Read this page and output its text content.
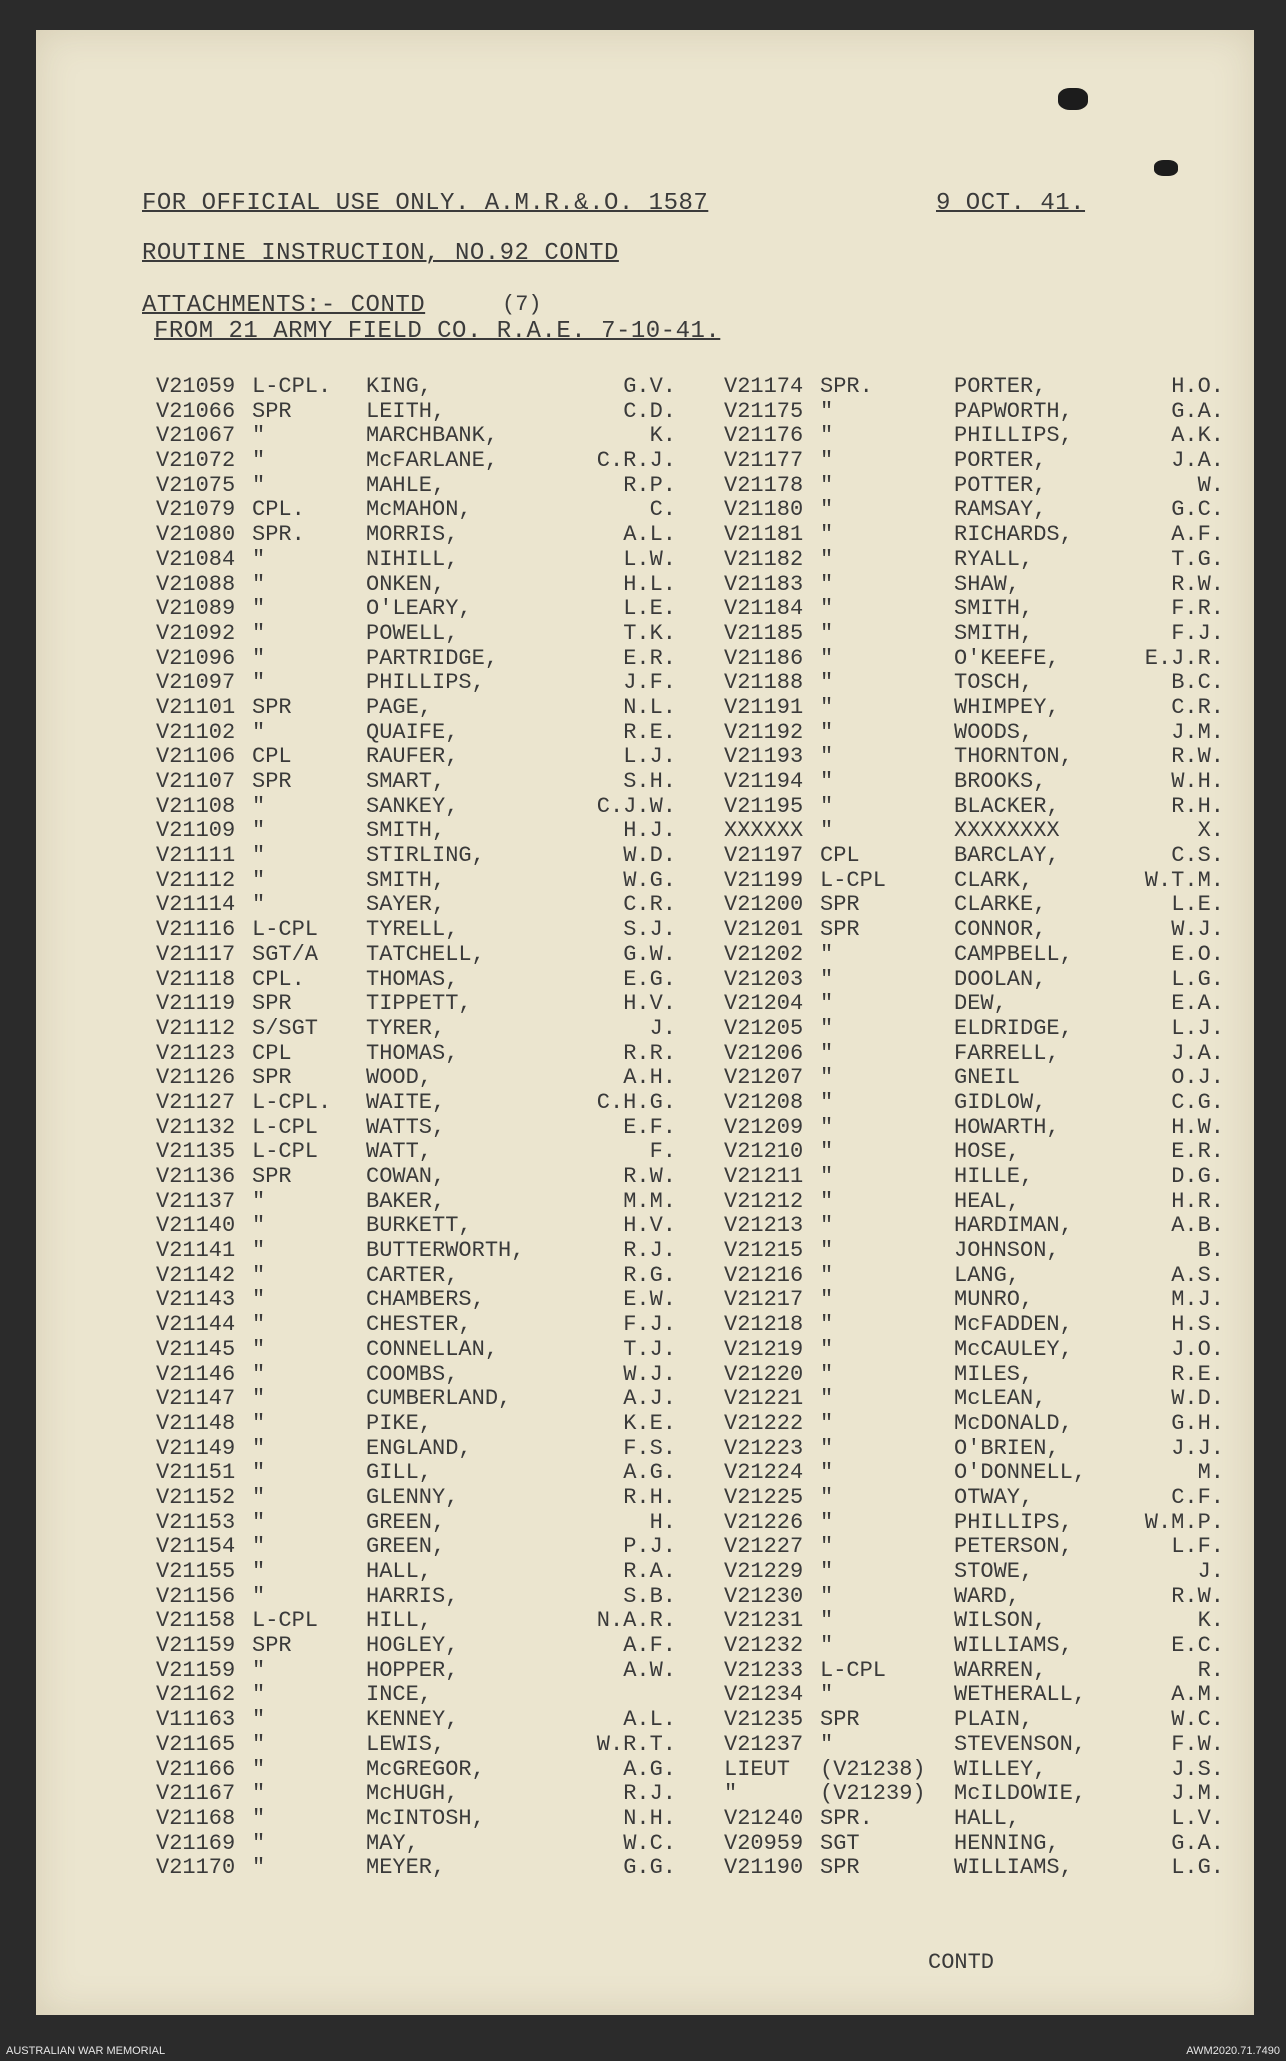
FOR OFFICIAL USE ONLY. A.M.R.&.O. 1587	9 OCT. 41.
ROUTINE INSTRUCTION, NO.92 CONTD
ATTACHMENTS:- CONTD	(7)
FROM 21 ARMY FIELD CO. R.A.E. 7-10-41.
V21059 L-CPL. KING,	G.V.
V21066 SPR	LEITH,	C.D.
V21067 "	MARCHBANK,	K.
V21072 "	McFARLANE,	C.R.J.
V21075 "	MAHLE,	R.P.
V21079 CPL.	McMAHON,	C.
V21080 SPR.	MORRIS,	A.L.
V21084 "	NIHILL,	L.W.
V21088 "	ONKEN,	H.L.
V21089 "	O'LEARY,	L.E.
V21092 "	POWELL,	T.K.
V21096 "	PARTRIDGE,	E.R.
V21097 "	PHILLIPS,	J.F.
V21101 SPR	PAGE,	N.L.
V21102 "	QUAIFE,	R.E.
V21106 CPL	RAUFER,	L.J.
V21107 SPR	SMART,	S.H.
V21108 "	SANKEY,	C.J.W.
V21109 "	SMITH,	H.J.
V21111 "	STIRLING,	W.D.
V21112 "	SMITH,	W.G.
V21114 "	SAYER,	C.R.
V21116 L-CPL TYRELL,	S.J.
V21117 SGT/A TATCHELL,	G.W.
V21118 CPL.	THOMAS,	E.G.
V21119 SPR	TIPPETT,	H.V.
V21112 S/SGT TYRER,	J.
V21123 CPL	THOMAS,	R.R.
V21126 SPR	WOOD,	A.H.
V21127 L-CPL. WAITE,	C.H.G.
V21132 L-CPL WATTS,	E.F.
V21135 L-CPL WATT,	F.
V21136 SPR	COWAN,	R.W.
V21137 "	BAKER,	M.M.
V21140 "	BURKETT,	H.V.
V21141 "	BUTTERWORTH,	R.J.
V21142 "	CARTER,	R.G.
V21143 "	CHAMBERS,	E.W.
V21144 "	CHESTER,	F.J.
V21145 "	CONNELLAN,	T.J.
V21146 "	COOMBS,	W.J.
V21147 "	CUMBERLAND,	A.J.
V21148 "	PIKE,	K.E.
V21149 "	ENGLAND,	F.S.
V21151 "	GILL,	A.G.
V21152 "	GLENNY,	R.H.
V21153 "	GREEN,	H.
V21154 "	GREEN,	P.J.
V21155 "	HALL,	R.A.
V21156 "	HARRIS,	S.B.
V21158 L-CPL HILL,	N.A.R.
V21159 SPR	HOGLEY,	A.F.
V21159 "	HOPPER,	A.W.
V21162 "	INCE,
V11163 "	KENNEY,	A.L.
V21165 "	LEWIS,	W.R.T.
V21166 "	McGREGOR,	A.G.
V21167 "	McHUGH,	R.J.
V21168 "	McINTOSH,	N.H.
V21169 "	MAY,	W.C.
V21170 "	MEYER,	G.G.
V21174 SPR.	PORTER,	H.O.
V21175 "	PAPWORTH,	G.A.
V21176 "	PHILLIPS,	A.K.
V21177 "	PORTER,	J.A.
V21178 "	POTTER,	W.
V21180 "	RAMSAY,	G.C.
V21181 "	RICHARDS,	A.F.
V21182 "	RYALL,	T.G.
V21183 "	SHAW,	R.W.
V21184 "	SMITH,	F.R.
V21185 "	SMITH,	F.J.
V21186 "	O'KEEFE,	E.J.R.
V21188 "	TOSCH,	B.C.
V21191 "	WHIMPEY,	C.R.
V21192 "	WOODS,	J.M.
V21193 "	THORNTON,	R.W.
V21194 "	BROOKS,	W.H.
V21195 "	BLACKER,	R.H.
XXXXXX "	XXXXXXXX	X.
V21197 CPL	BARCLAY,	C.S.
V21199 L-CPL	CLARK,	W.T.M.
V21200 SPR	CLARKE,	L.E.
V21201 SPR	CONNOR,	W.J.
V21202 "	CAMPBELL,	E.O.
V21203 "	DOOLAN,	L.G.
V21204 "	DEW,	E.A.
V21205 "	ELDRIDGE,	L.J.
V21206 "	FARRELL,	J.A.
V21207 "	GNEIL	O.J.
V21208 "	GIDLOW,	C.G.
V21209 "	HOWARTH,	H.W.
V21210 "	HOSE,	E.R.
V21211 "	HILLE,	D.G.
V21212 "	HEAL,	H.R.
V21213 "	HARDIMAN,	A.B.
V21215 "	JOHNSON,	B.
V21216 "	LANG,	A.S.
V21217 "	MUNRO,	M.J.
V21218 "	McFADDEN,	H.S.
V21219 "	McCAULEY,	J.O.
V21220 "	MILES,	R.E.
V21221 "	McLEAN,	W.D.
V21222 "	McDONALD,	G.H.
V21223 "	O'BRIEN,	J.J.
V21224 "	O'DONNELL,	M.
V21225 "	OTWAY,	C.F.
V21226 "	PHILLIPS,	W.M.P.
V21227 "	PETERSON,	L.F.
V21229 "	STOWE,	J.
V21230 "	WARD,	R.W.
V21231 "	WILSON,	K.
V21232 "	WILLIAMS,	E.C.
V21233 L-CPL	WARREN,	R.
V21234 "	WETHERALL,	A.M.
V21235 SPR	PLAIN,	W.C.
V21237 "	STEVENSON,	F.W.
LIEUT (V21238) WILLEY,	J.S.
"	(V21239) McILDOWIE,	J.M.
V21240 SPR.	HALL,	L.V.
V20959 SGT	HENNING,	G.A.
V21190 SPR	WILLIAMS,	L.G.
CONTD
AUSTRALIAN WAR MEMORIAL	AWM2020.71.7490
